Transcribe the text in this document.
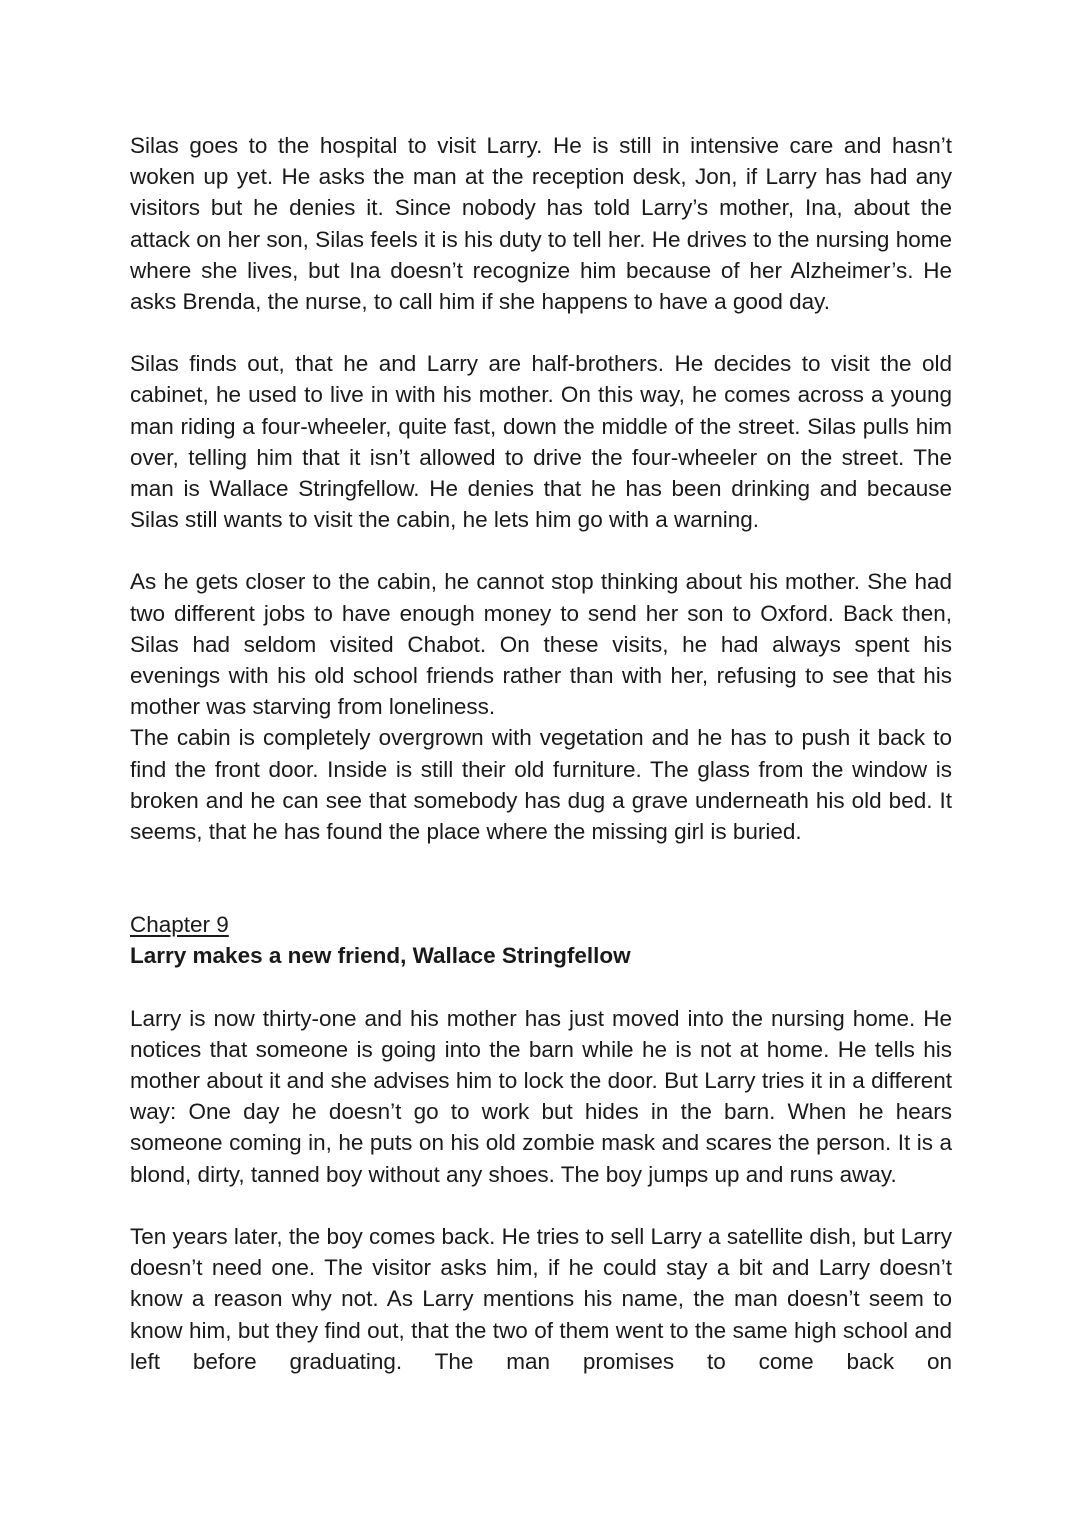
Silas goes to the hospital to visit Larry. He is still in intensive care and hasn’t woken up yet. He asks the man at the reception desk, Jon, if Larry has had any visitors but he denies it. Since nobody has told Larry’s mother, Ina, about the attack on her son, Silas feels it is his duty to tell her. He drives to the nursing home where she lives, but Ina doesn’t recognize him because of her Alzheimer’s. He asks Brenda, the nurse, to call him if she happens to have a good day.

Silas finds out, that he and Larry are half-brothers. He decides to visit the old cabinet, he used to live in with his mother. On this way, he comes across a young man riding a four-wheeler, quite fast, down the middle of the street. Silas pulls him over, telling him that it isn’t allowed to drive the four-wheeler on the street. The man is Wallace Stringfellow. He denies that he has been drinking and because Silas still wants to visit the cabin, he lets him go with a warning.

As he gets closer to the cabin, he cannot stop thinking about his mother. She had two different jobs to have enough money to send her son to Oxford. Back then, Silas had seldom visited Chabot. On these visits, he had always spent his evenings with his old school friends rather than with her, refusing to see that his mother was starving from loneliness.

The cabin is completely overgrown with vegetation and he has to push it back to find the front door. Inside is still their old furniture. The glass from the window is broken and he can see that somebody has dug a grave underneath his old bed. It seems, that he has found the place where the missing girl is buried.

Chapter 9

Larry makes a new friend, Wallace Stringfellow

Larry is now thirty-one and his mother has just moved into the nursing home. He notices that someone is going into the barn while he is not at home. He tells his mother about it and she advises him to lock the door. But Larry tries it in a different way: One day he doesn’t go to work but hides in the barn. When he hears someone coming in, he puts on his old zombie mask and scares the person. It is a blond, dirty, tanned boy without any shoes. The boy jumps up and runs away.

Ten years later, the boy comes back. He tries to sell Larry a satellite dish, but Larry doesn’t need one. The visitor asks him, if he could stay a bit and Larry doesn’t know a reason why not. As Larry mentions his name, the man doesn’t seem to know him, but they find out, that the two of them went to the same high school and left before graduating. The man promises to come back on
